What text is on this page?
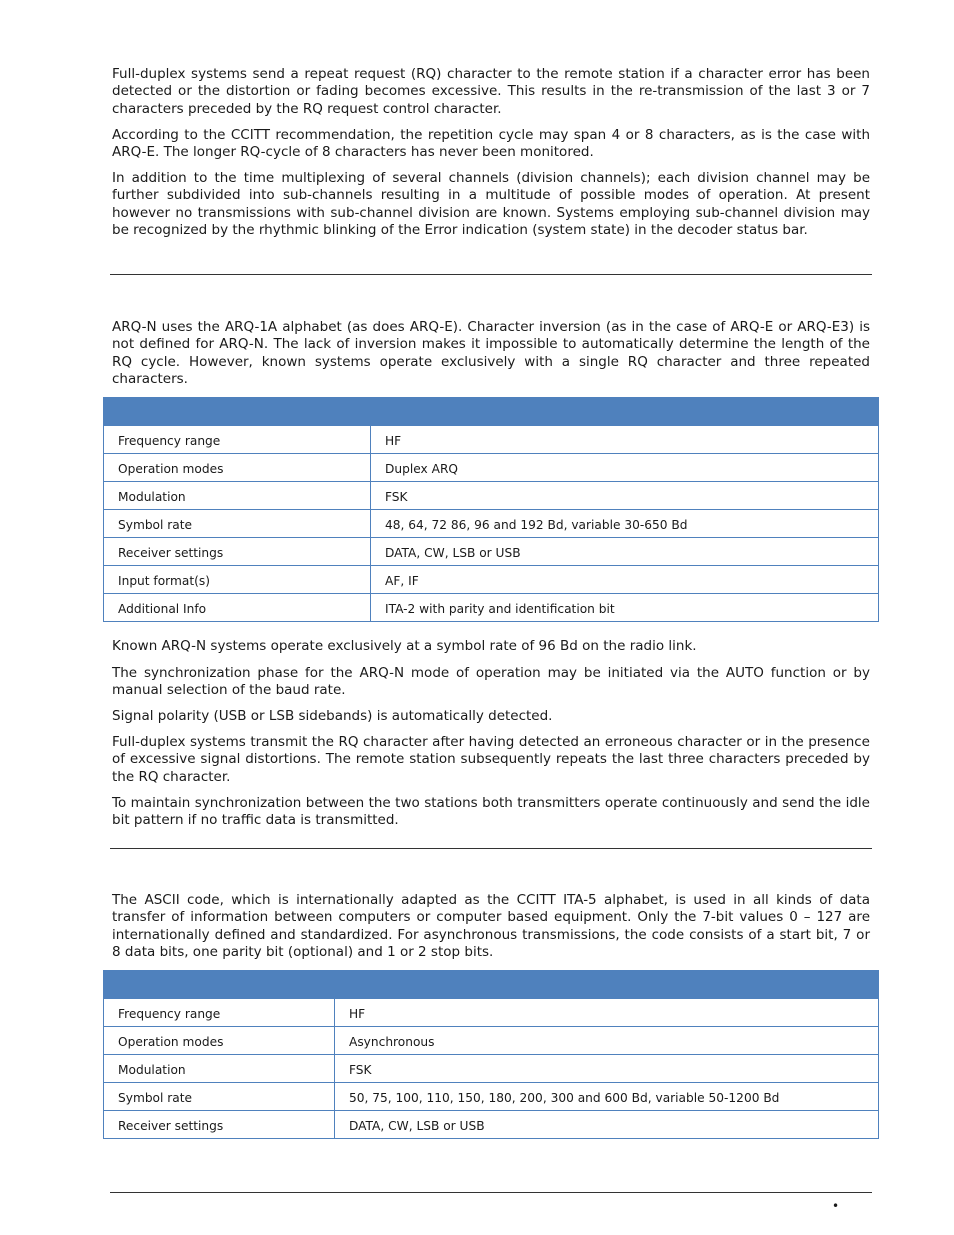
Full-duplex systems send a repeat request (RQ) character to the remote station if a character error has been detected or the distortion or fading becomes excessive. This results in the re-transmission of the last 3 or 7 characters preceded by the RQ request control character.

According to the CCITT recommendation, the repetition cycle may span 4 or 8 characters, as is the case with ARQ-E. The longer RQ-cycle of 8 characters has never been monitored.

In addition to the time multiplexing of several channels (division channels); each division channel may be further subdivided into sub-channels resulting in a multitude of possible modes of operation. At present however no transmissions with sub-channel division are known. Systems employing sub-channel division may be recognized by the rhythmic blinking of the Error indication (system state) in the decoder status bar.

ARQ-N uses the ARQ-1A alphabet (as does ARQ-E). Character inversion (as in the case of ARQ-E or ARQ-E3) is not defined for ARQ-N. The lack of inversion makes it impossible to automatically determine the length of the RQ cycle. However, known systems operate exclusively with a single RQ character and three repeated characters.

Frequency range	HF
Operation modes	Duplex ARQ
Modulation	FSK
Symbol rate	48, 64, 72 86, 96 and 192 Bd, variable 30-650 Bd
Receiver settings	DATA, CW, LSB or USB
Input format(s)	AF, IF
Additional Info	ITA-2 with parity and identification bit

Known ARQ-N systems operate exclusively at a symbol rate of 96 Bd on the radio link.

The synchronization phase for the ARQ-N mode of operation may be initiated via the AUTO function or by manual selection of the baud rate.

Signal polarity (USB or LSB sidebands) is automatically detected.

Full-duplex systems transmit the RQ character after having detected an erroneous character or in the presence of excessive signal distortions. The remote station subsequently repeats the last three characters preceded by the RQ character.

To maintain synchronization between the two stations both transmitters operate continuously and send the idle bit pattern if no traffic data is transmitted.

The ASCII code, which is internationally adapted as the CCITT ITA-5 alphabet, is used in all kinds of data transfer of information between computers or computer based equipment. Only the 7-bit values 0 – 127 are internationally defined and standardized. For asynchronous transmissions, the code consists of a start bit, 7 or 8 data bits, one parity bit (optional) and 1 or 2 stop bits.

Frequency range	HF
Operation modes	Asynchronous
Modulation	FSK
Symbol rate	50, 75, 100, 110, 150, 180, 200, 300 and 600 Bd, variable 50-1200 Bd
Receiver settings	DATA, CW, LSB or USB
•
